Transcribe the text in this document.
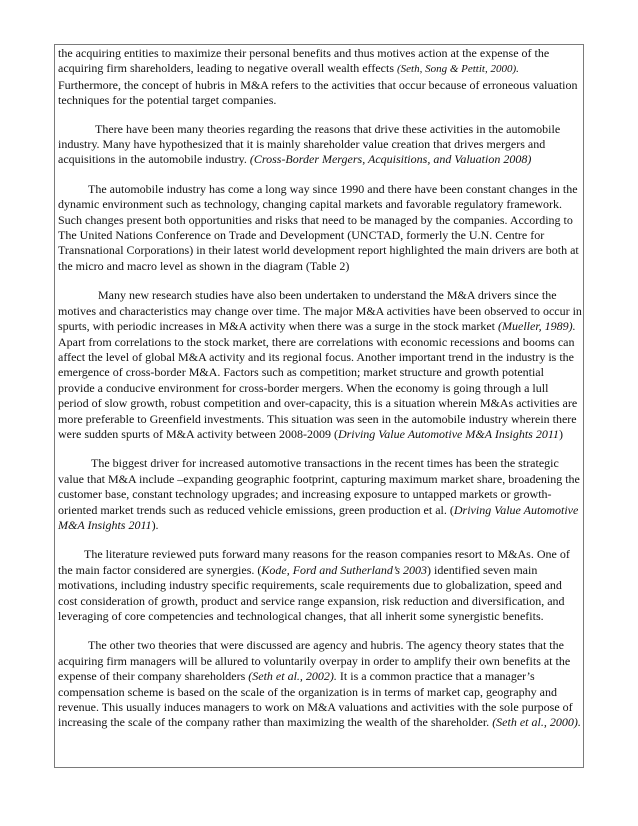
the acquiring entities to maximize their personal benefits and thus motives action at the expense of the acquiring firm shareholders, leading to negative overall wealth effects (Seth, Song & Pettit, 2000). Furthermore, the concept of hubris in M&A refers to the activities that occur because of erroneous valuation techniques for the potential target companies.

There have been many theories regarding the reasons that drive these activities in the automobile industry. Many have hypothesized that it is mainly shareholder value creation that drives mergers and acquisitions in the automobile industry. (Cross-Border Mergers, Acquisitions, and Valuation 2008)

The automobile industry has come a long way since 1990 and there have been constant changes in the dynamic environment such as technology, changing capital markets and favorable regulatory framework. Such changes present both opportunities and risks that need to be managed by the companies. According to The United Nations Conference on Trade and Development (UNCTAD, formerly the U.N. Centre for Transnational Corporations) in their latest world development report highlighted the main drivers are both at the micro and macro level as shown in the diagram (Table 2)

Many new research studies have also been undertaken to understand the M&A drivers since the motives and characteristics may change over time. The major M&A activities have been observed to occur in spurts, with periodic increases in M&A activity when there was a surge in the stock market (Mueller, 1989). Apart from correlations to the stock market, there are correlations with economic recessions and booms can affect the level of global M&A activity and its regional focus. Another important trend in the industry is the emergence of cross-border M&A. Factors such as competition; market structure and growth potential provide a conducive environment for cross-border mergers. When the economy is going through a lull period of slow growth, robust competition and over-capacity, this is a situation wherein M&As activities are more preferable to Greenfield investments. This situation was seen in the automobile industry wherein there were sudden spurts of M&A activity between 2008-2009 (Driving Value Automotive M&A Insights 2011)

The biggest driver for increased automotive transactions in the recent times has been the strategic value that M&A include –expanding geographic footprint, capturing maximum market share, broadening the customer base, constant technology upgrades; and increasing exposure to untapped markets or growth-oriented market trends such as reduced vehicle emissions, green production et al. (Driving Value Automotive M&A Insights 2011).

The literature reviewed puts forward many reasons for the reason companies resort to M&As. One of the main factor considered are synergies. (Kode, Ford and Sutherland’s 2003) identified seven main motivations, including industry specific requirements, scale requirements due to globalization, speed and cost consideration of growth, product and service range expansion, risk reduction and diversification, and leveraging of core competencies and technological changes, that all inherit some synergistic benefits.

The other two theories that were discussed are agency and hubris. The agency theory states that the acquiring firm managers will be allured to voluntarily overpay in order to amplify their own benefits at the expense of their company shareholders (Seth et al., 2002). It is a common practice that a manager’s compensation scheme is based on the scale of the organization is in terms of market cap, geography and revenue. This usually induces managers to work on M&A valuations and activities with the sole purpose of increasing the scale of the company rather than maximizing the wealth of the shareholder. (Seth et al., 2000).
